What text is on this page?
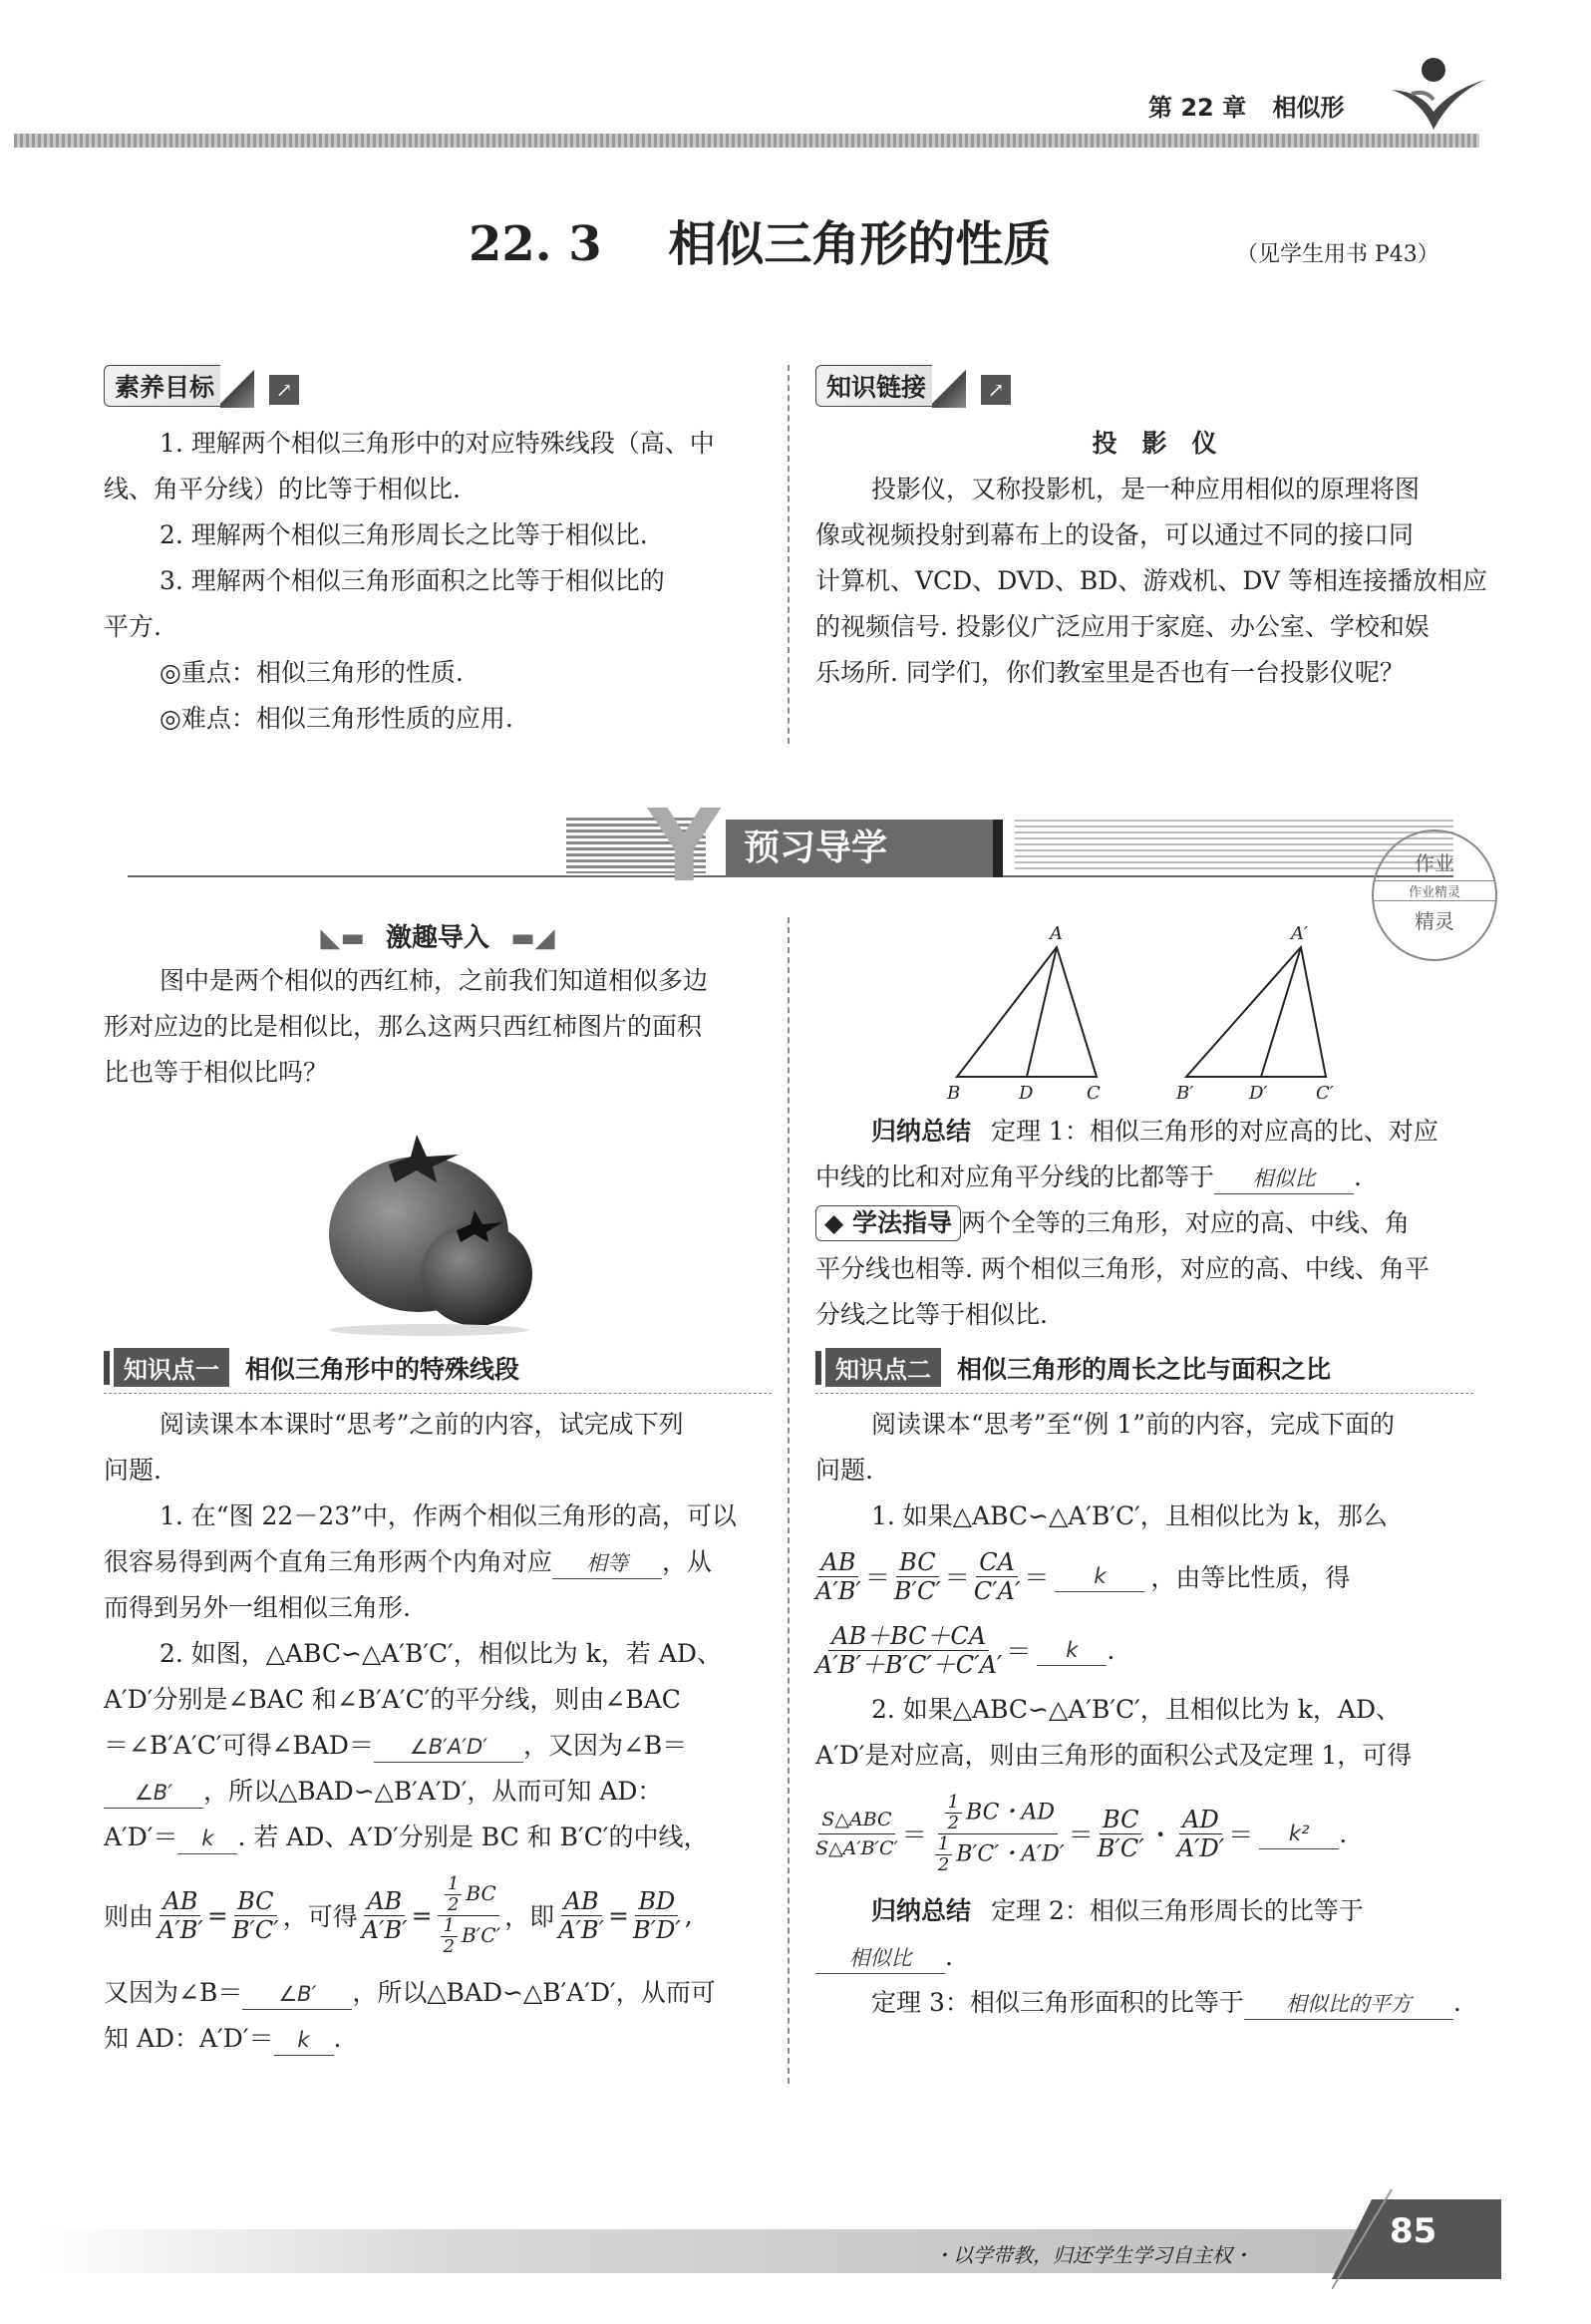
第 22 章 相似形
22. 3 相似三角形的性质	（见学生用书 P43）
素养目标	↗
1. 理解两个相似三角形中的对应特殊线段（高、中
线、角平分线）的比等于相似比.
2. 理解两个相似三角形周长之比等于相似比.
3. 理解两个相似三角形面积之比等于相似比的
平方.
◎重点：相似三角形的性质.
◎难点：相似三角形性质的应用.
知识链接	↗
投　影　仪
投影仪，又称投影机，是一种应用相似的原理将图
像或视频投射到幕布上的设备，可以通过不同的接口同
计算机、VCD、DVD、BD、游戏机、DV 等相连接播放相应
的视频信号. 投影仪广泛应用于家庭、办公室、学校和娱
乐场所. 同学们，你们教室里是否也有一台投影仪呢？
Y 预习导学	作业
作业精灵
精灵
◣▬ 激趣导入 ▬◢
图中是两个相似的西红柿，之前我们知道相似多边
形对应边的比是相似比，那么这两只西红柿图片的面积
比也等于相似比吗？
知识点一	相似三角形中的特殊线段
阅读课本本课时“思考”之前的内容，试完成下列
问题.
1. 在“图 22－23”中，作两个相似三角形的高，可以
很容易得到两个直角三角形两个内角对应 相等 ，从
而得到另外一组相似三角形.
2. 如图，△ABC∽△A′B′C′，相似比为 k，若 AD、
A′D′分别是∠BAC 和∠B′A′C′的平分线，则由∠BAC
＝∠B′A′C′可得∠BAD＝ ∠B′A′D′ ，又因为∠B＝
∠B′ ，所以△BAD∽△B′A′D′，从而可知 AD：
A′D′＝ k . 若 AD、A′D′分别是 BC 和 B′C′的中线，
则由 $\frac{AB}{A'B'} = \frac{BC}{B'C'}$ ，可得 $\frac{AB}{A'B'} = \frac{\frac{1}{2} BC}{\frac{1}{2} B'C'}$ ，即 $\frac{AB}{A'B'} = \frac{BD}{B'D'}$ ,
又因为∠B＝ ∠B′ ，所以△BAD∽△B′A′D′，从而可
知 AD：A′D′＝ k .
A
B	D	C
A′
B′	D′	C′
归纳总结 定理 1：相似三角形的对应高的比、对应
中线的比和对应角平分线的比都等于 相似比 .
◆ 学法指导 两个全等的三角形，对应的高、中线、角
平分线也相等. 两个相似三角形，对应的高、中线、角平
分线之比等于相似比.
知识点二	相似三角形的周长之比与面积之比
阅读课本“思考”至“例 1”前的内容，完成下面的
问题.
1. 如果△ABC∽△A′B′C′，且相似比为 k，那么
$\frac{AB}{A'B'} = \frac{BC}{B'C'} = \frac{CA}{C'A'}$ ＝	k	，由等比性质，得
$\frac{AB+BC+CA}{A'B'+B'C'+C'A'}$ ＝	k	.
2. 如果△ABC∽△A′B′C′，且相似比为 k，AD、
A′D′是对应高，则由三角形的面积公式及定理 1，可得
$\frac{\text{S△ABC}}{S\triangle A'B'C'} = \frac{\frac{1}{2} BC・AD}{\frac{1}{2} B'C'・A'D'} = \frac{BC}{B'C'}$ ・ $\frac{AD}{A'D'}$ ＝	k²	.
归纳总结 定理 2：相似三角形周长的比等于
相似比 .
定理 3：相似三角形面积的比等于 相似比的平方 .
・以学带教，归还学生学习自主权・
85
